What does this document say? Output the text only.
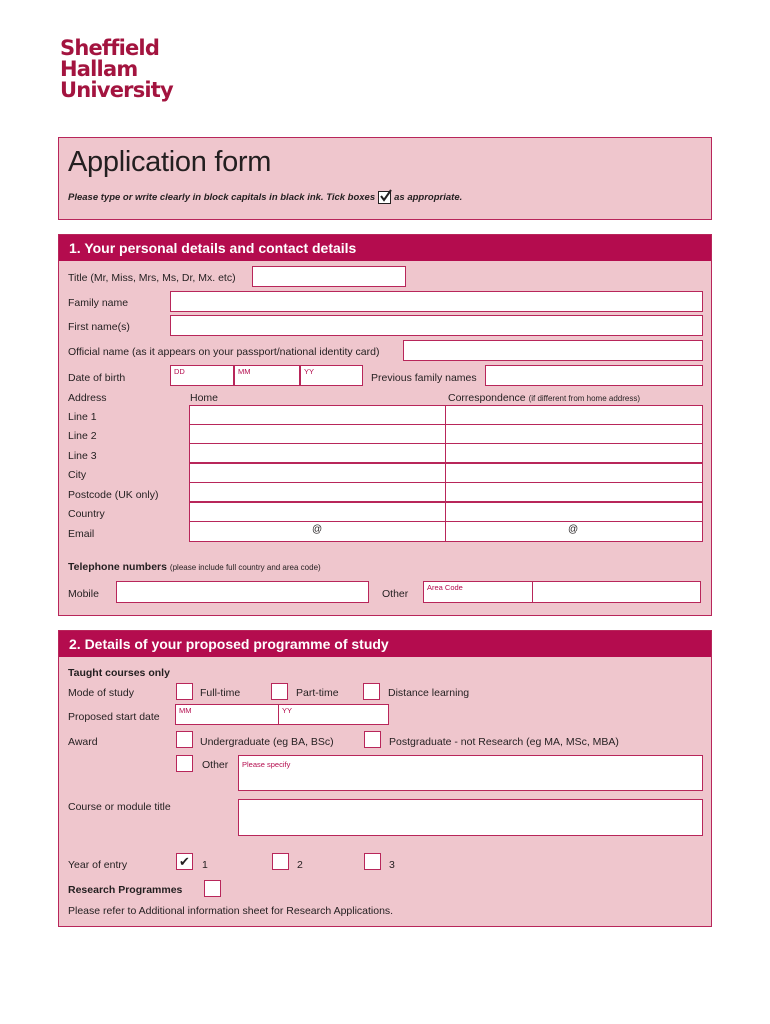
Sheffield
Hallam
University
Application form
Please type or write clearly in block capitals in black ink. Tick boxes as appropriate.
1. Your personal details and contact details
Title (Mr, Miss, Mrs, Ms, Dr, Mx. etc)
Family name
First name(s)
Official name (as it appears on your passport/national identity card)
Date of birth
DD	MM	YY
Previous family names
Address	Home	Correspondence (if different from home address)
Line 1
Line 2
Line 3
City
Postcode (UK only)
Country
Email	@	@
Telephone numbers (please include full country and area code)
Mobile	Other
Area Code
2. Details of your proposed programme of study
Taught courses only
Mode of study	Full-time	Part-time	Distance learning
Proposed start date
MM	YY
Award	Undergraduate (eg BA, BSc)	Postgraduate - not Research (eg MA, MSc, MBA)
Other Please specify
Course or module title
Year of entry	✔ 1	2	3
Research Programmes
Please refer to Additional information sheet for Research Applications.
